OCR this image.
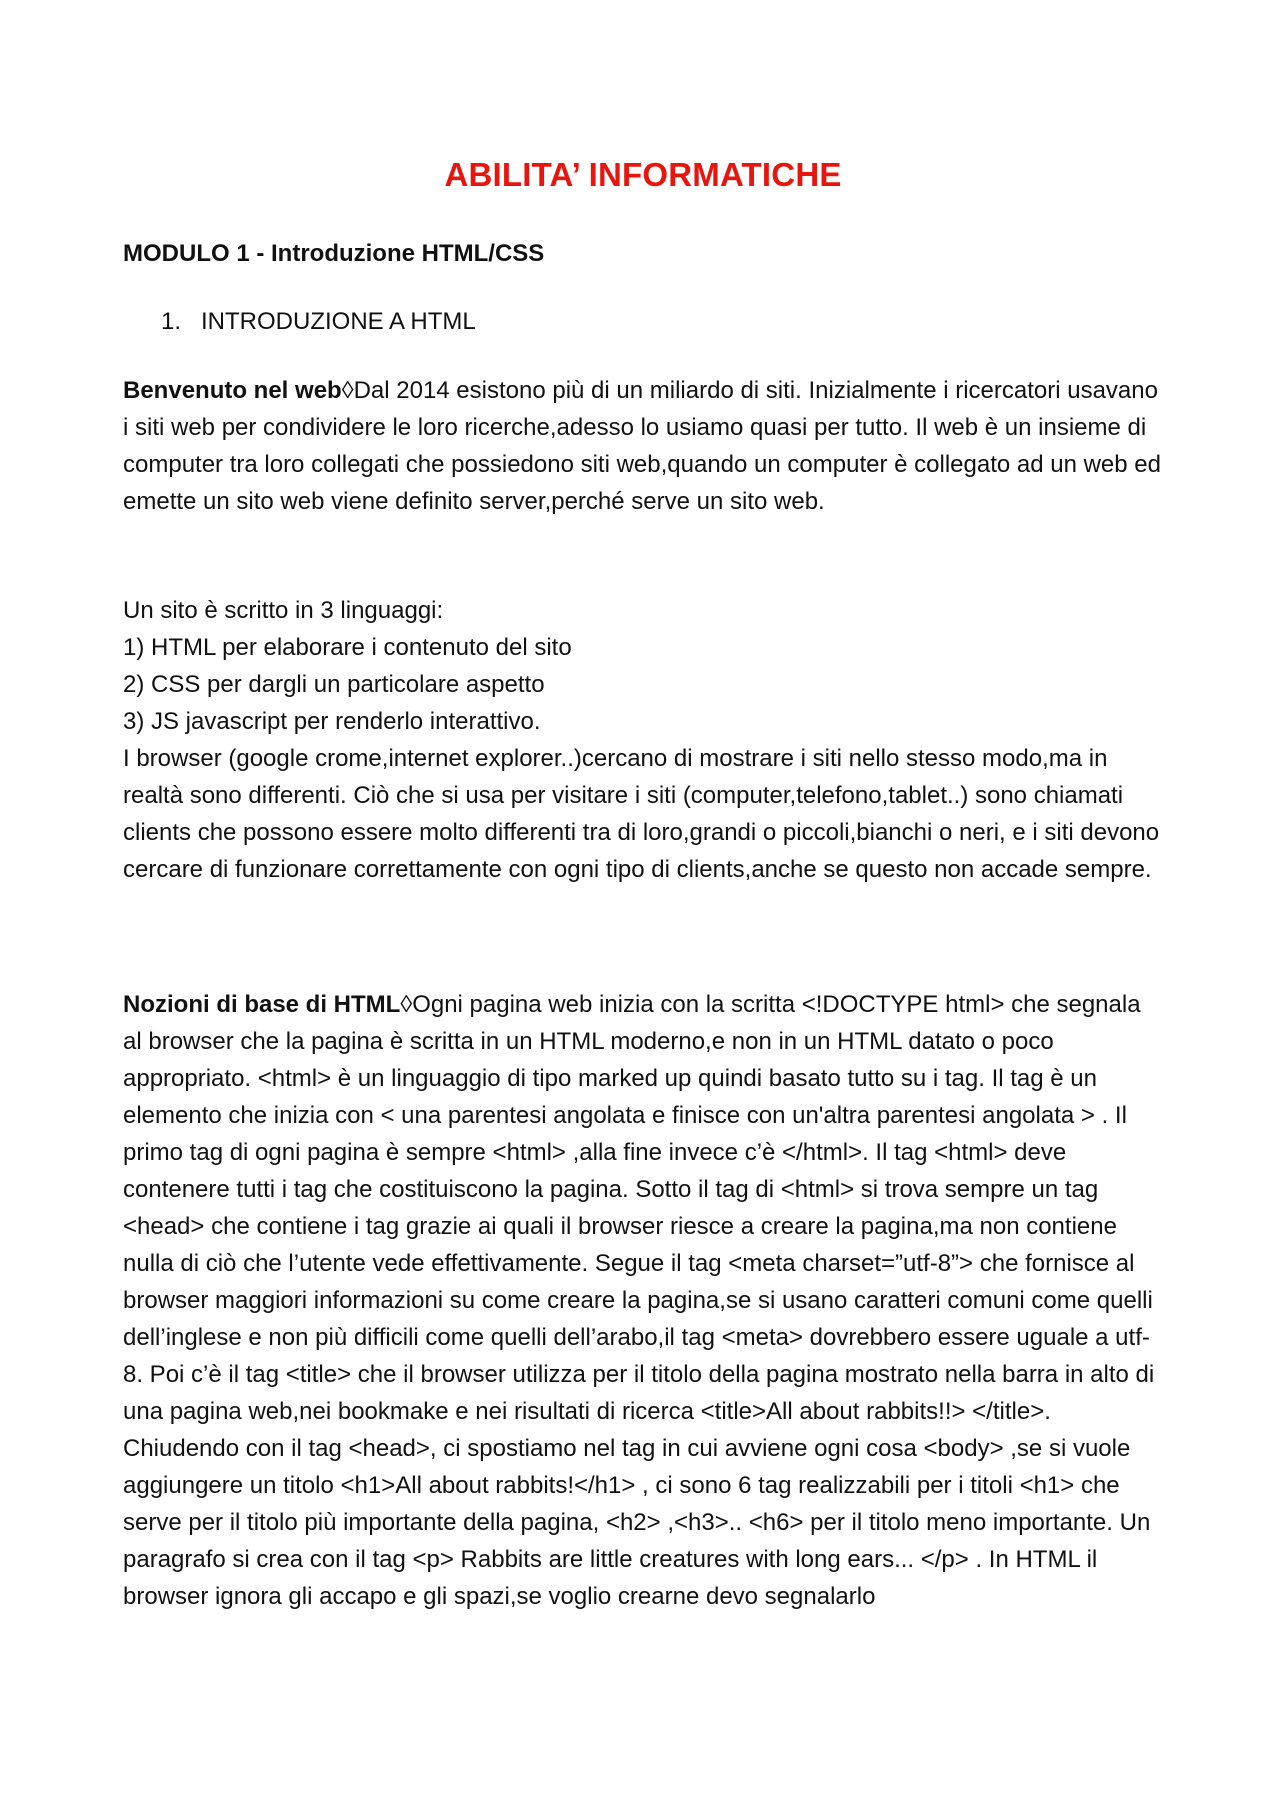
ABILITA’ INFORMATICHE

MODULO 1 - Introduzione HTML/CSS

1. INTRODUZIONE A HTML

Benvenuto nel web◊Dal 2014 esistono più di un miliardo di siti. Inizialmente i ricercatori usavano i siti web per condividere le loro ricerche,adesso lo usiamo quasi per tutto. Il web è un insieme di computer tra loro collegati che possiedono siti web,quando un computer è collegato ad un web ed emette un sito web viene definito server,perché serve un sito web.

Un sito è scritto in 3 linguaggi:
1) HTML per elaborare i contenuto del sito
2) CSS per dargli un particolare aspetto
3) JS javascript per renderlo interattivo.
I browser (google crome,internet explorer..)cercano di mostrare i siti nello stesso modo,ma in realtà sono differenti. Ciò che si usa per visitare i siti (computer,telefono,tablet..) sono chiamati clients che possono essere molto differenti tra di loro,grandi o piccoli,bianchi o neri, e i siti devono cercare di funzionare correttamente con ogni tipo di clients,anche se questo non accade sempre.

Nozioni di base di HTML◊Ogni pagina web inizia con la scritta <!DOCTYPE html> che segnala al browser che la pagina è scritta in un HTML moderno,e non in un HTML datato o poco appropriato. <html> è un linguaggio di tipo marked up quindi basato tutto su i tag. Il tag è un elemento che inizia con < una parentesi angolata e finisce con un'altra parentesi angolata > . Il primo tag di ogni pagina è sempre <html> ,alla fine invece c’è </html>. Il tag <html> deve contenere tutti i tag che costituiscono la pagina. Sotto il tag di <html> si trova sempre un tag <head> che contiene i tag grazie ai quali il browser riesce a creare la pagina,ma non contiene nulla di ciò che l’utente vede effettivamente. Segue il tag <meta charset=”utf-8”> che fornisce al browser maggiori informazioni su come creare la pagina,se si usano caratteri comuni come quelli dell’inglese e non più difficili come quelli dell’arabo,il tag <meta> dovrebbero essere uguale a utf-8. Poi c’è il tag <title> che il browser utilizza per il titolo della pagina mostrato nella barra in alto di una pagina web,nei bookmake e nei risultati di ricerca <title>All about rabbits!!> </title>. Chiudendo con il tag <head>, ci spostiamo nel tag in cui avviene ogni cosa <body> ,se si vuole aggiungere un titolo <h1>All about rabbits!</h1> , ci sono 6 tag realizzabili per i titoli <h1> che serve per il titolo più importante della pagina, <h2> ,<h3>.. <h6> per il titolo meno importante. Un paragrafo si crea con il tag <p> Rabbits are little creatures with long ears... </p> . In HTML il browser ignora gli accapo e gli spazi,se voglio crearne devo segnalarlo
